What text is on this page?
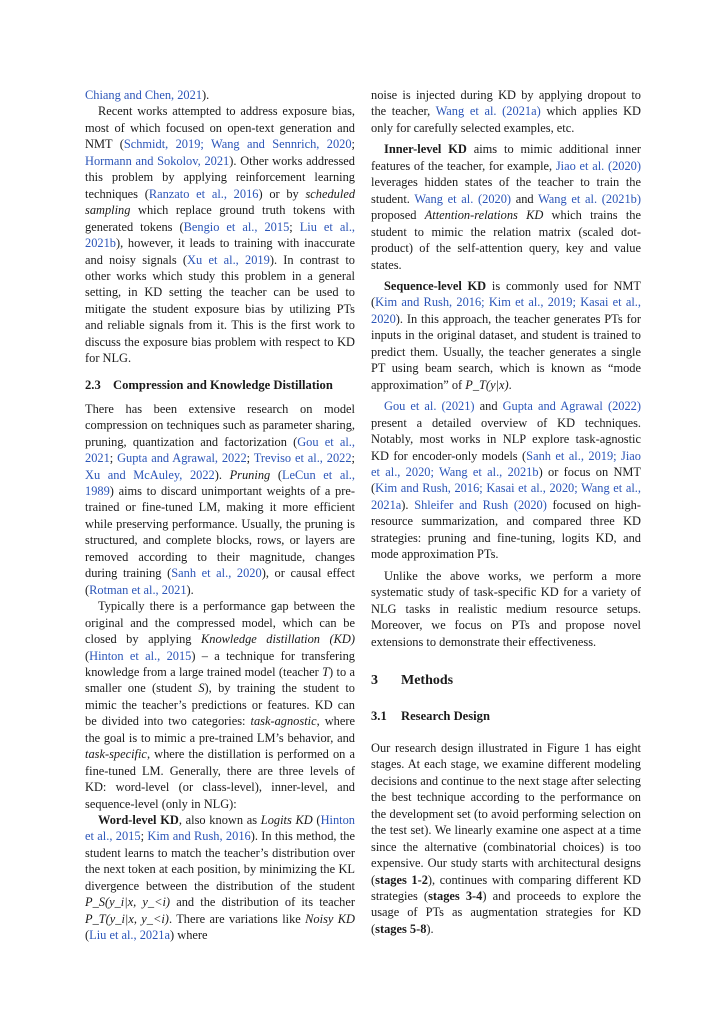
Chiang and Chen, 2021).

Recent works attempted to address exposure bias, most of which focused on open-text generation and NMT (Schmidt, 2019; Wang and Sennrich, 2020; Hormann and Sokolov, 2021). Other works addressed this problem by applying reinforcement learning techniques (Ranzato et al., 2016) or by scheduled sampling which replace ground truth tokens with generated tokens (Bengio et al., 2015; Liu et al., 2021b), however, it leads to training with inaccurate and noisy signals (Xu et al., 2019). In contrast to other works which study this problem in a general setting, in KD setting the teacher can be used to mitigate the student exposure bias by utilizing PTs and reliable signals from it. This is the first work to discuss the exposure bias problem with respect to KD for NLG.

2.3 Compression and Knowledge Distillation

There has been extensive research on model compression on techniques such as parameter sharing, pruning, quantization and factorization (Gou et al., 2021; Gupta and Agrawal, 2022; Treviso et al., 2022; Xu and McAuley, 2022). Pruning (LeCun et al., 1989) aims to discard unimportant weights of a pre-trained or fine-tuned LM, making it more efficient while preserving performance. Usually, the pruning is structured, and complete blocks, rows, or layers are removed according to their magnitude, changes during training (Sanh et al., 2020), or causal effect (Rotman et al., 2021).

Typically there is a performance gap between the original and the compressed model, which can be closed by applying Knowledge distillation (KD) (Hinton et al., 2015) – a technique for transfering knowledge from a large trained model (teacher T) to a smaller one (student S), by training the student to mimic the teacher’s predictions or features. KD can be divided into two categories: task-agnostic, where the goal is to mimic a pre-trained LM’s behavior, and task-specific, where the distillation is performed on a fine-tuned LM. Generally, there are three levels of KD: word-level (or class-level), inner-level, and sequence-level (only in NLG):

Word-level KD, also known as Logits KD (Hinton et al., 2015; Kim and Rush, 2016). In this method, the student learns to match the teacher’s distribution over the next token at each position, by minimizing the KL divergence between the distribution of the student P_S(y_i|x, y_<i) and the distribution of its teacher P_T(y_i|x, y_<i). There are variations like Noisy KD (Liu et al., 2021a) where

noise is injected during KD by applying dropout to the teacher, Wang et al. (2021a) which applies KD only for carefully selected examples, etc.

Inner-level KD aims to mimic additional inner features of the teacher, for example, Jiao et al. (2020) leverages hidden states of the teacher to train the student. Wang et al. (2020) and Wang et al. (2021b) proposed Attention-relations KD which trains the student to mimic the relation matrix (scaled dot-product) of the self-attention query, key and value states.

Sequence-level KD is commonly used for NMT (Kim and Rush, 2016; Kim et al., 2019; Kasai et al., 2020). In this approach, the teacher generates PTs for inputs in the original dataset, and student is trained to predict them. Usually, the teacher generates a single PT using beam search, which is known as “mode approximation” of P_T(y|x).

Gou et al. (2021) and Gupta and Agrawal (2022) present a detailed overview of KD techniques. Notably, most works in NLP explore task-agnostic KD for encoder-only models (Sanh et al., 2019; Jiao et al., 2020; Wang et al., 2021b) or focus on NMT (Kim and Rush, 2016; Kasai et al., 2020; Wang et al., 2021a). Shleifer and Rush (2020) focused on high-resource summarization, and compared three KD strategies: pruning and fine-tuning, logits KD, and mode approximation PTs.

Unlike the above works, we perform a more systematic study of task-specific KD for a variety of NLG tasks in realistic medium resource setups. Moreover, we focus on PTs and propose novel extensions to demonstrate their effectiveness.

3 Methods
3.1 Research Design

Our research design illustrated in Figure 1 has eight stages. At each stage, we examine different modeling decisions and continue to the next stage after selecting the best technique according to the performance on the development set (to avoid performing selection on the test set). We linearly examine one aspect at a time since the alternative (combinatorial choices) is too expensive. Our study starts with architectural designs (stages 1-2), continues with comparing different KD strategies (stages 3-4) and proceeds to explore the usage of PTs as augmentation strategies for KD (stages 5-8).
